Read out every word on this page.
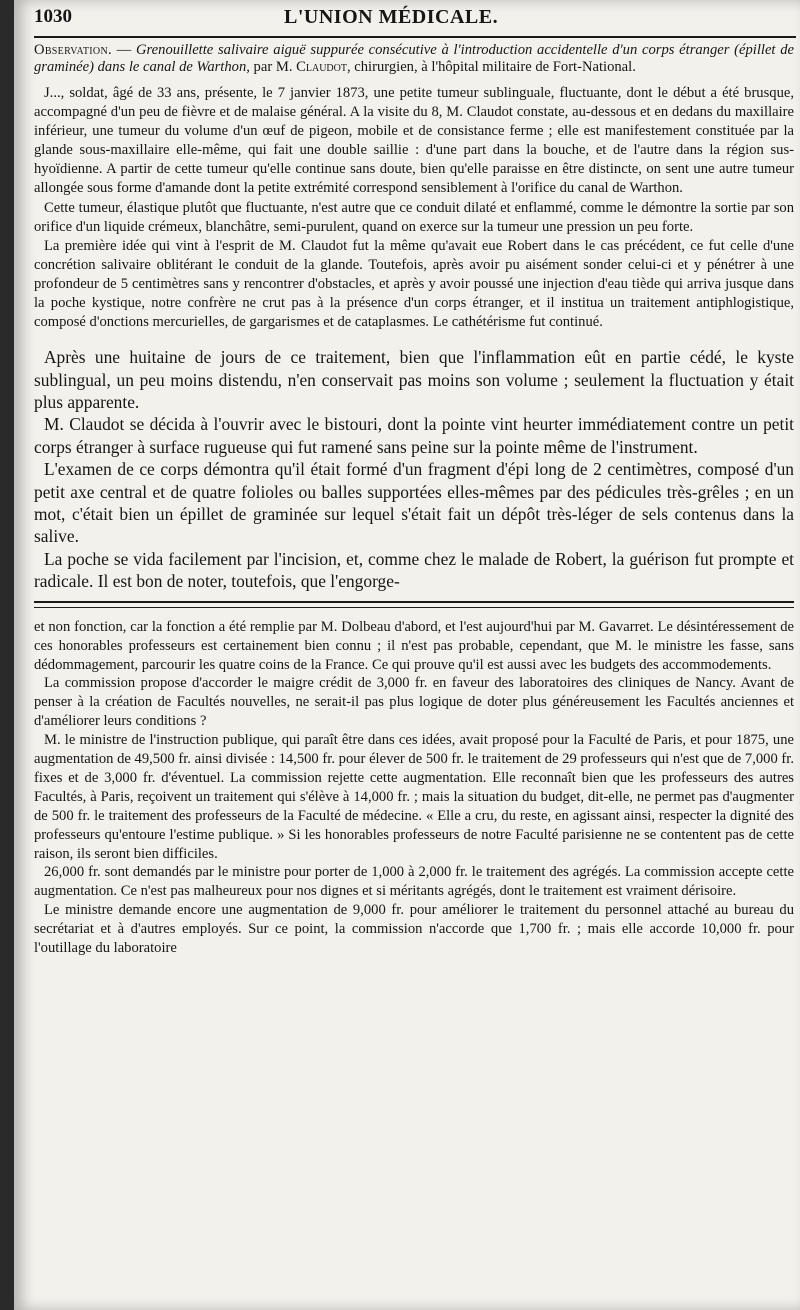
1030	L'UNION MÉDICALE.

Observation. — Grenouillette salivaire aiguë suppurée consécutive à l'introduction accidentelle d'un corps étranger (épillet de graminée) dans le canal de Warthon, par M. Claudot, chirurgien, à l'hôpital militaire de Fort-National.

J..., soldat, âgé de 33 ans, présente, le 7 janvier 1873, une petite tumeur sublinguale, fluctuante, dont le début a été brusque, accompagné d'un peu de fièvre et de malaise général. A la visite du 8, M. Claudot constate, au-dessous et en dedans du maxillaire inférieur, une tumeur du volume d'un œuf de pigeon, mobile et de consistance ferme ; elle est manifestement constituée par la glande sous-maxillaire elle-même, qui fait une double saillie : d'une part dans la bouche, et de l'autre dans la région sus-hyoïdienne. A partir de cette tumeur qu'elle continue sans doute, bien qu'elle paraisse en être distincte, on sent une autre tumeur allongée sous forme d'amande dont la petite extrémité correspond sensiblement à l'orifice du canal de Warthon.

Cette tumeur, élastique plutôt que fluctuante, n'est autre que ce conduit dilaté et enflammé, comme le démontre la sortie par son orifice d'un liquide crémeux, blanchâtre, semi-purulent, quand on exerce sur la tumeur une pression un peu forte.

La première idée qui vint à l'esprit de M. Claudot fut la même qu'avait eue Robert dans le cas précédent, ce fut celle d'une concrétion salivaire oblitérant le conduit de la glande. Toutefois, après avoir pu aisément sonder celui-ci et y pénétrer à une profondeur de 5 centimètres sans y rencontrer d'obstacles, et après y avoir poussé une injection d'eau tiède qui arriva jusque dans la poche kystique, notre confrère ne crut pas à la présence d'un corps étranger, et il institua un traitement antiphlogistique, composé d'onctions mercurielles, de gargarismes et de cataplasmes. Le cathétérisme fut continué.

Après une huitaine de jours de ce traitement, bien que l'inflammation eût en partie cédé, le kyste sublingual, un peu moins distendu, n'en conservait pas moins son volume ; seulement la fluctuation y était plus apparente.

M. Claudot se décida à l'ouvrir avec le bistouri, dont la pointe vint heurter immédiatement contre un petit corps étranger à surface rugueuse qui fut ramené sans peine sur la pointe même de l'instrument.

L'examen de ce corps démontra qu'il était formé d'un fragment d'épi long de 2 centimètres, composé d'un petit axe central et de quatre folioles ou balles supportées elles-mêmes par des pédicules très-grêles ; en un mot, c'était bien un épillet de graminée sur lequel s'était fait un dépôt très-léger de sels contenus dans la salive.

La poche se vida facilement par l'incision, et, comme chez le malade de Robert, la guérison fut prompte et radicale. Il est bon de noter, toutefois, que l'engorge-

et non fonction, car la fonction a été remplie par M. Dolbeau d'abord, et l'est aujourd'hui par M. Gavarret. Le désintéressement de ces honorables professeurs est certainement bien connu ; il n'est pas probable, cependant, que M. le ministre les fasse, sans dédommagement, parcourir les quatre coins de la France. Ce qui prouve qu'il est aussi avec les budgets des accommodements.

La commission propose d'accorder le maigre crédit de 3,000 fr. en faveur des laboratoires des cliniques de Nancy. Avant de penser à la création de Facultés nouvelles, ne serait-il pas plus logique de doter plus généreusement les Facultés anciennes et d'améliorer leurs conditions ?

M. le ministre de l'instruction publique, qui paraît être dans ces idées, avait proposé pour la Faculté de Paris, et pour 1875, une augmentation de 49,500 fr. ainsi divisée : 14,500 fr. pour élever de 500 fr. le traitement de 29 professeurs qui n'est que de 7,000 fr. fixes et de 3,000 fr. d'éventuel. La commission rejette cette augmentation. Elle reconnaît bien que les professeurs des autres Facultés, à Paris, reçoivent un traitement qui s'élève à 14,000 fr. ; mais la situation du budget, dit-elle, ne permet pas d'augmenter de 500 fr. le traitement des professeurs de la Faculté de médecine. « Elle a cru, du reste, en agissant ainsi, respecter la dignité des professeurs qu'entoure l'estime publique. » Si les honorables professeurs de notre Faculté parisienne ne se contentent pas de cette raison, ils seront bien difficiles.

26,000 fr. sont demandés par le ministre pour porter de 1,000 à 2,000 fr. le traitement des agrégés. La commission accepte cette augmentation. Ce n'est pas malheureux pour nos dignes et si méritants agrégés, dont le traitement est vraiment dérisoire.

Le ministre demande encore une augmentation de 9,000 fr. pour améliorer le traitement du personnel attaché au bureau du secrétariat et à d'autres employés. Sur ce point, la commission n'accorde que 1,700 fr. ; mais elle accorde 10,000 fr. pour l'outillage du laboratoire
